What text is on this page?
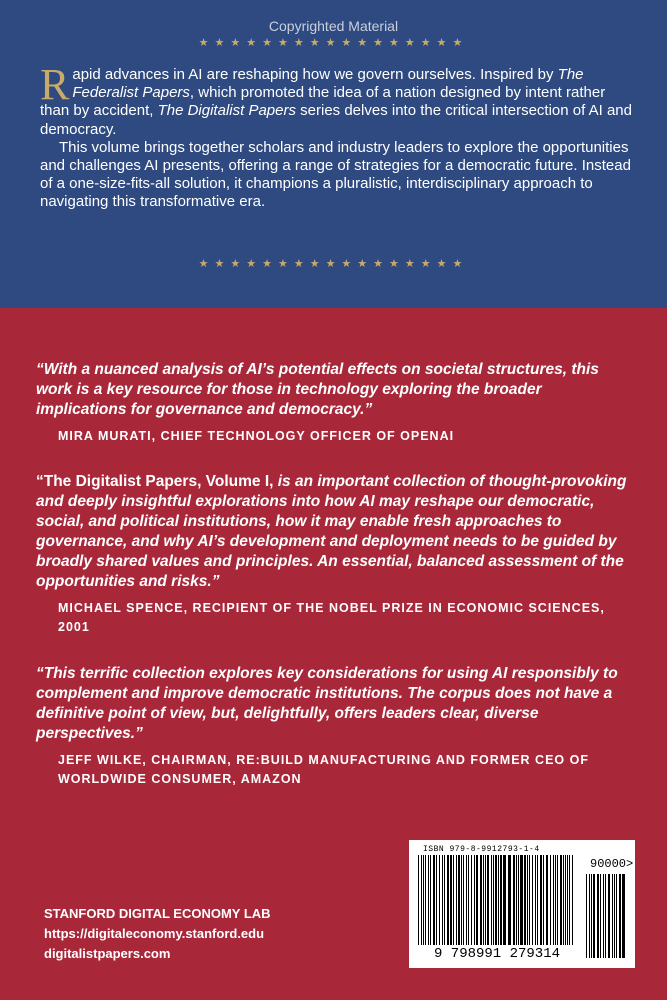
Copyrighted Material
★★★★★★★★★★★★★★★★★

Rapid advances in AI are reshaping how we govern ourselves. Inspired by The Federalist Papers, which promoted the idea of a nation designed by intent rather than by accident, The Digitalist Papers series delves into the critical intersection of AI and democracy.

This volume brings together scholars and industry leaders to explore the opportunities and challenges AI presents, offering a range of strategies for a democratic future. Instead of a one-size-fits-all solution, it champions a pluralistic, interdisciplinary approach to navigating this transformative era.

★★★★★★★★★★★★★★★★★

“With a nuanced analysis of AI’s potential effects on societal structures, this work is a key resource for those in technology exploring the broader implications for governance and democracy.”

MIRA MURATI, CHIEF TECHNOLOGY OFFICER OF OPENAI

“The Digitalist Papers, Volume I, is an important collection of thought-provoking and deeply insightful explorations into how AI may reshape our democratic, social, and political institutions, how it may enable fresh approaches to governance, and why AI’s development and deployment needs to be guided by broadly shared values and principles. An essential, balanced assessment of the opportunities and risks.”

MICHAEL SPENCE, RECIPIENT OF THE NOBEL PRIZE IN ECONOMIC SCIENCES, 2001

“This terrific collection explores key considerations for using AI responsibly to complement and improve democratic institutions. The corpus does not have a definitive point of view, but, delightfully, offers leaders clear, diverse perspectives.”

JEFF WILKE, CHAIRMAN, RE:BUILD MANUFACTURING AND FORMER CEO OF WORLDWIDE CONSUMER, AMAZON

STANFORD DIGITAL ECONOMY LAB
https://digitaleconomy.stanford.edu
digitalistpapers.com
ISBN 979-8-9912793-1-4
90000>
9 798991 279314
